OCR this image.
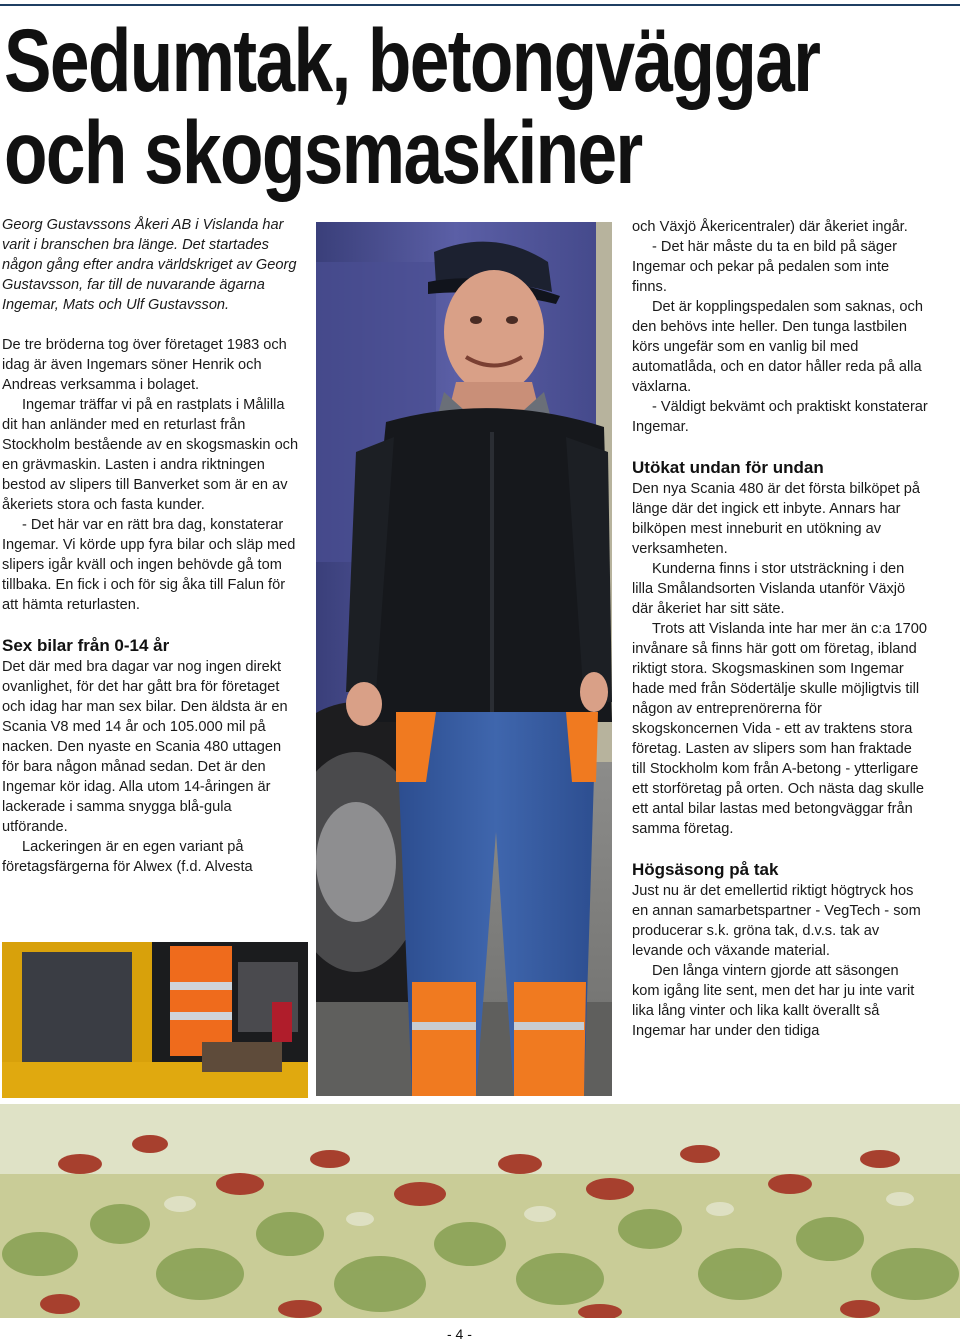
Sedumtak, betongväggar
och skogsmaskiner

Georg Gustavssons Åkeri AB i Vislanda har varit i branschen bra länge. Det startades någon gång efter andra världskriget av Georg Gustavsson, far till de nuvarande ägarna Ingemar, Mats och Ulf Gustavsson.

De tre bröderna tog över företaget 1983 och idag är även Ingemars söner Henrik och Andreas verksamma i bolaget.

Ingemar träffar vi på en rastplats i Målilla dit han anländer med en returlast från Stockholm bestående av en skogsmaskin och en grävmaskin. Lasten i andra riktningen bestod av slipers till Banverket som är en av åkeriets stora och fasta kunder.

- Det här var en rätt bra dag, konstaterar Ingemar. Vi körde upp fyra bilar och släp med slipers igår kväll och ingen behövde gå tom tillbaka. En fick i och för sig åka till Falun för att hämta returlasten.

Sex bilar från 0-14 år

Det där med bra dagar var nog ingen direkt ovanlighet, för det har gått bra för företaget och idag har man sex bilar. Den äldsta är en Scania V8 med 14 år och 105.000 mil på nacken. Den nyaste en Scania 480 uttagen för bara någon månad sedan. Det är den Ingemar kör idag. Alla utom 14-åringen är lackerade i samma snygga blå-gula utförande.

Lackeringen är en egen variant på företagsfärgerna för Alwex (f.d. Alvesta

och Växjö Åkericentraler) där åkeriet ingår.

- Det här måste du ta en bild på säger Ingemar och pekar på pedalen som inte finns.

Det är kopplingspedalen som saknas, och den behövs inte heller. Den tunga lastbilen körs ungefär som en vanlig bil med automatlåda, och en dator håller reda på alla växlarna.

- Väldigt bekvämt och praktiskt konstaterar Ingemar.

Utökat undan för undan

Den nya Scania 480 är det första bilköpet på länge där det ingick ett inbyte. Annars har bilköpen mest inneburit en utökning av verksamheten.

Kunderna finns i stor utsträckning i den lilla Smålandsorten Vislanda utanför Växjö där åkeriet har sitt säte.

Trots att Vislanda inte har mer än c:a 1700 invånare så finns här gott om företag, ibland riktigt stora. Skogsmaskinen som Ingemar hade med från Södertälje skulle möjligtvis till någon av entreprenörerna för skogskoncernen Vida - ett av traktens stora företag. Lasten av slipers som han fraktade till Stockholm kom från A-betong - ytterligare ett storföretag på orten. Och nästa dag skulle ett antal bilar lastas med betongväggar från samma företag.

Högsäsong på tak

Just nu är det emellertid riktigt högtryck hos en annan samarbetspartner - VegTech - som producerar s.k. gröna tak, d.v.s. tak av levande och växande material.

Den långa vintern gjorde att säsongen kom igång lite sent, men det har ju inte varit lika lång vinter och lika kallt överallt så Ingemar har under den tidiga

- 4 -
